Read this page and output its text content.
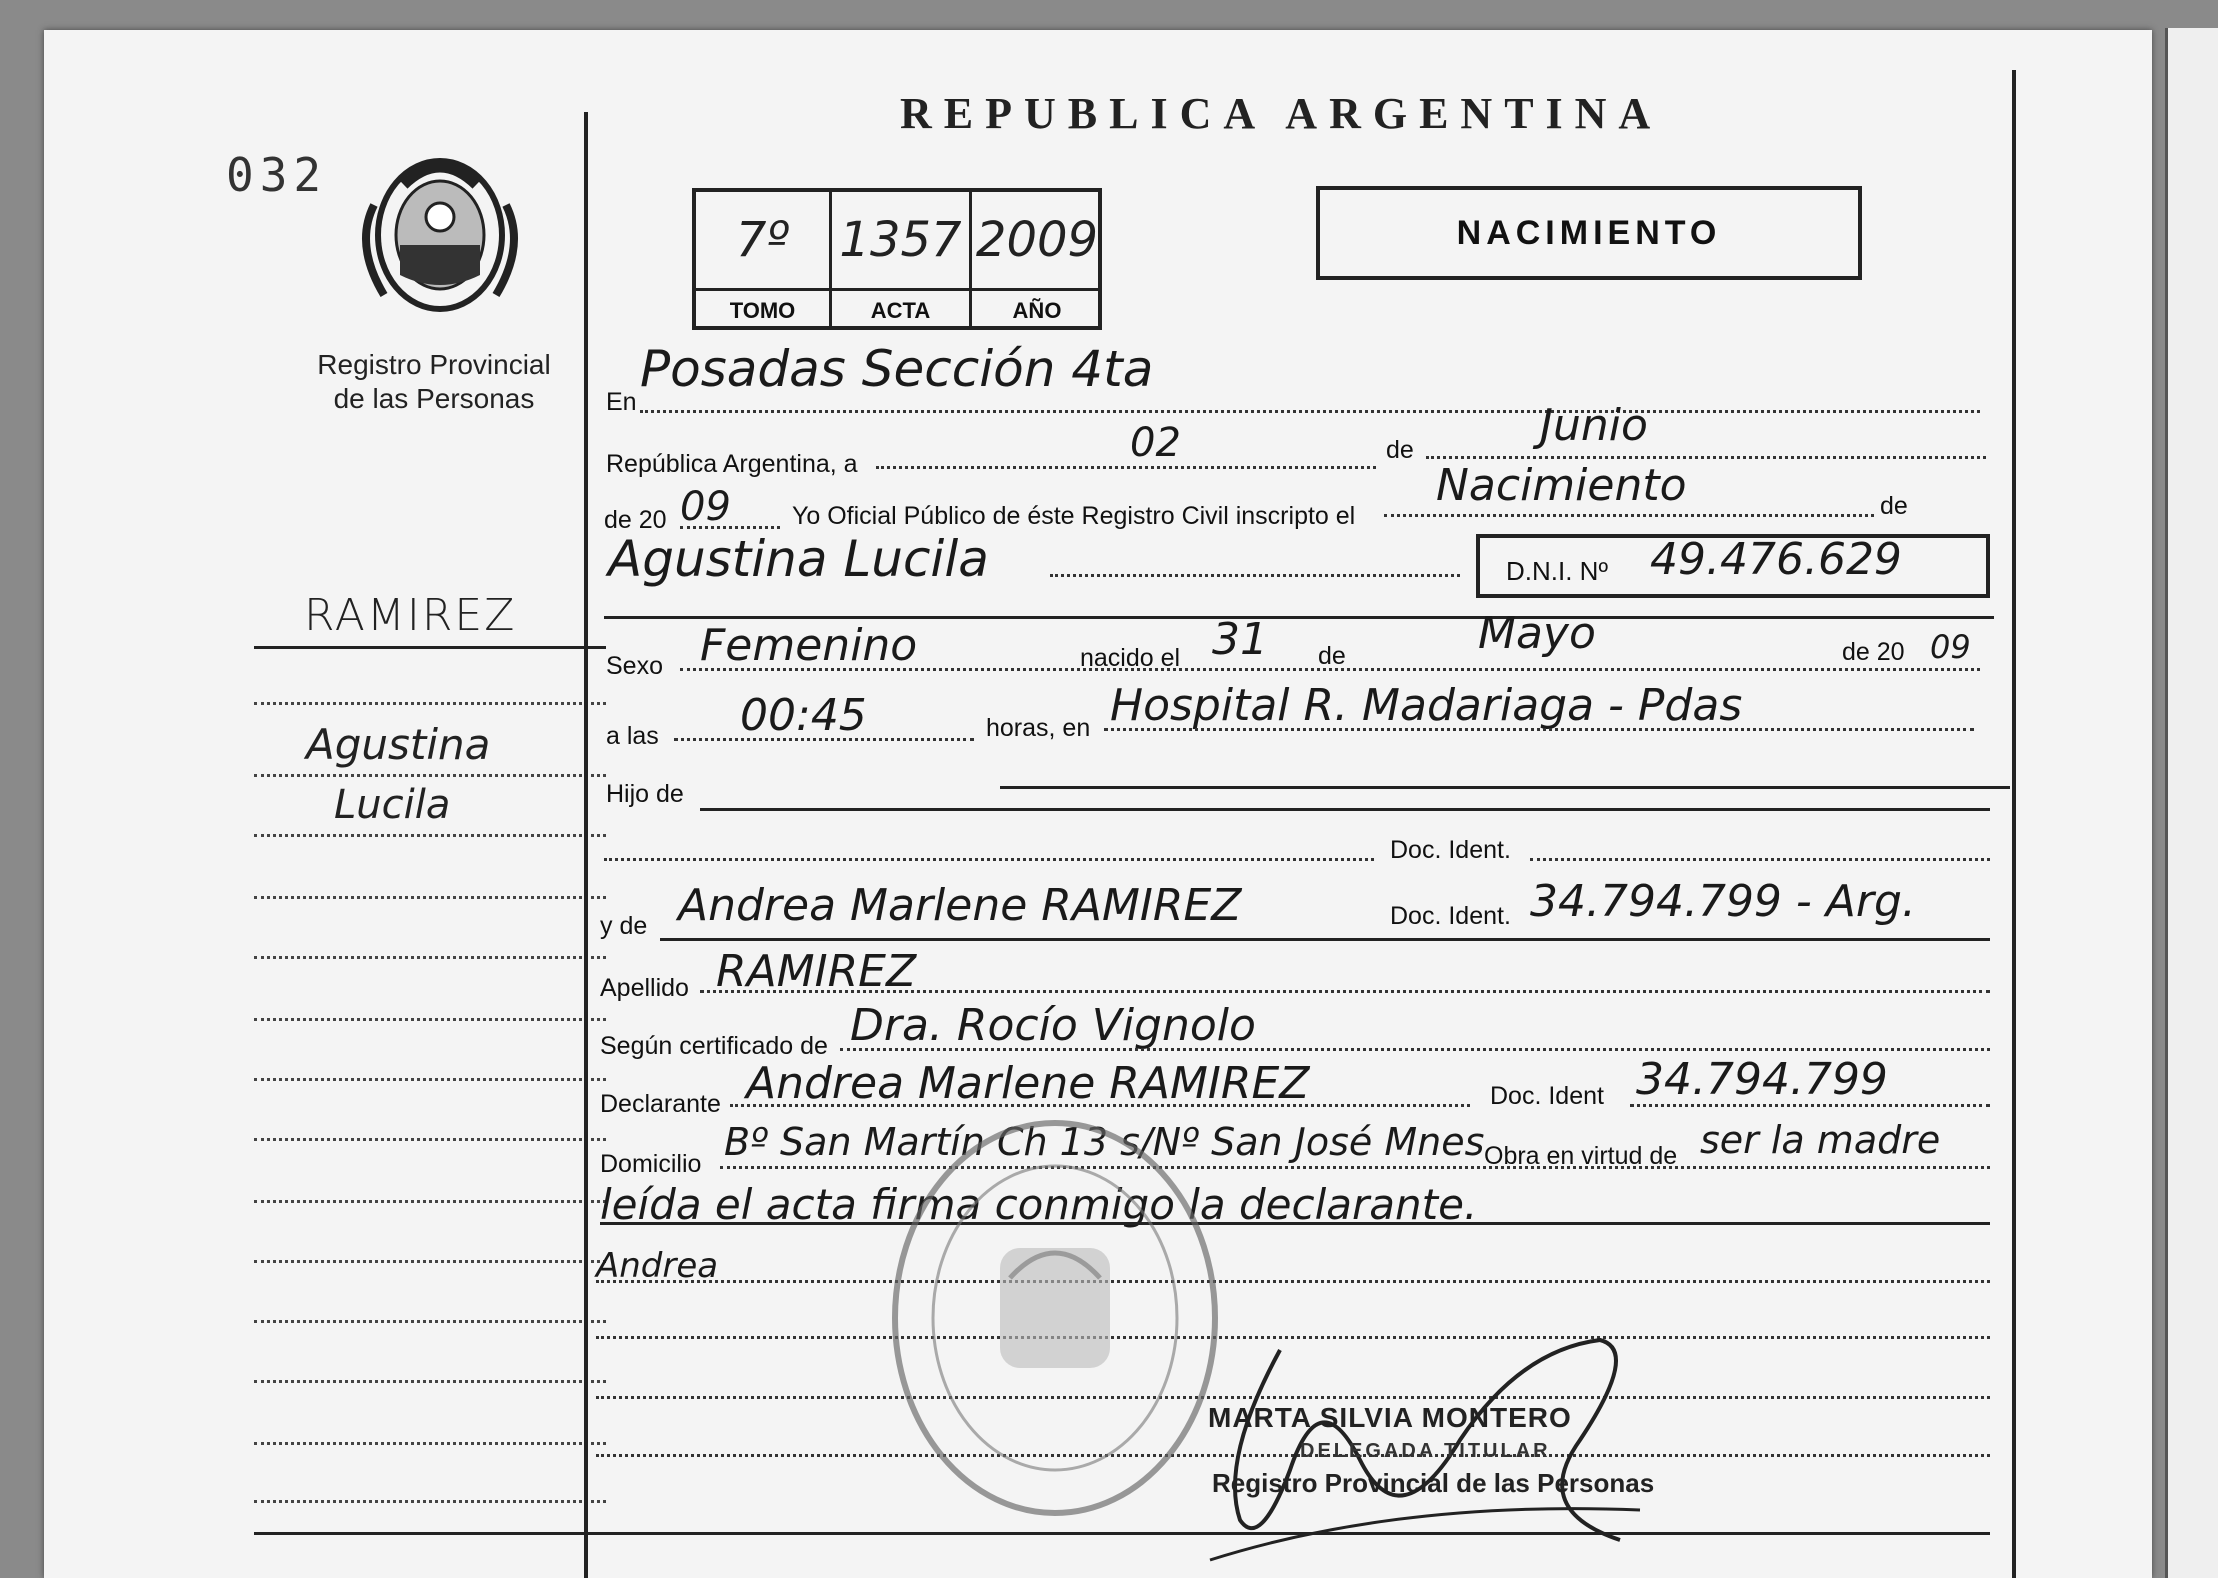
032
Registro Provincial
de las Personas
RAMIREZ
Agustina
Lucila
REPUBLICA ARGENTINA
7º	1357 2009
TOMO	ACTA	AÑO
NACIMIENTO
En
Posadas Sección 4ta
República Argentina, a	02	de	Junio
de 20 09 Yo Oficial Público de éste Registro Civil inscripto el
Nacimiento	de
Agustina Lucila	D.N.I. Nº 49.476.629
Sexo Femenino	nacido el 31 de	Mayo	de 20 09
a las 00:45	horas, en Hospital R. Madariaga - Pdas
Hijo de
Doc. Ident.
y de Andrea Marlene RAMIREZ	Doc. Ident. 34.794.799 - Arg.
Apellido RAMIREZ
Según certificado de Dra. Rocío Vignolo
Declarante Andrea Marlene RAMIREZ	Doc. Ident 34.794.799
Domicilio Bº San Martín Ch 13 s/Nº San José Mnes Obra en virtud de ser la madre
leída el acta firma conmigo la declarante.
Andrea
MARTA SILVIA MONTERO
DELEGADA TITULAR
Registro Provincial de las Personas
